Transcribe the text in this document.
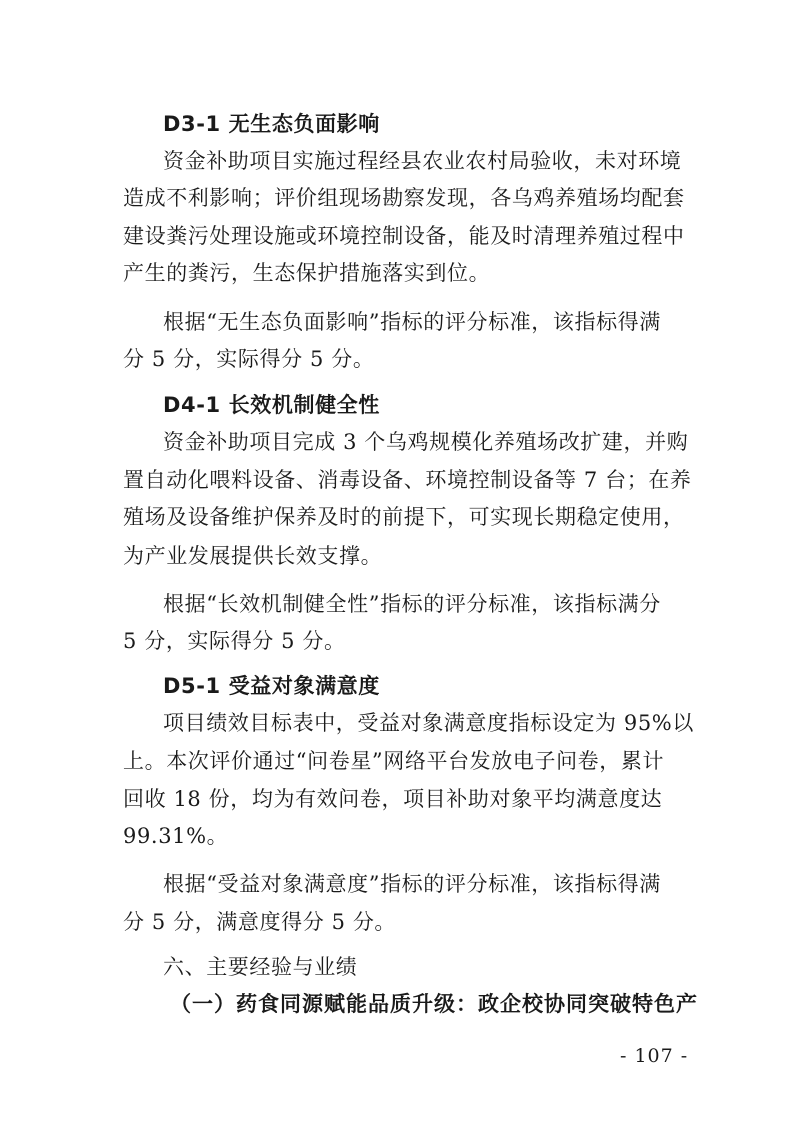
D3-1 无生态负面影响
资金补助项目实施过程经县农业农村局验收，未对环境
造成不利影响；评价组现场勘察发现，各乌鸡养殖场均配套
建设粪污处理设施或环境控制设备，能及时清理养殖过程中
产生的粪污，生态保护措施落实到位。
根据“无生态负面影响”指标的评分标准，该指标得满
分 5 分，实际得分 5 分。
D4-1 长效机制健全性
资金补助项目完成 3 个乌鸡规模化养殖场改扩建，并购
置自动化喂料设备、消毒设备、环境控制设备等 7 台；在养
殖场及设备维护保养及时的前提下，可实现长期稳定使用，
为产业发展提供长效支撑。
根据“长效机制健全性”指标的评分标准，该指标满分
5 分，实际得分 5 分。
D5-1 受益对象满意度
项目绩效目标表中，受益对象满意度指标设定为 95%以
上。本次评价通过“问卷星”网络平台发放电子问卷，累计
回收 18 份，均为有效问卷，项目补助对象平均满意度达
99.31%。
根据“受益对象满意度”指标的评分标准，该指标得满
分 5 分，满意度得分 5 分。
六、主要经验与业绩
（一）药食同源赋能品质升级：政企校协同突破特色产
- 107 -
